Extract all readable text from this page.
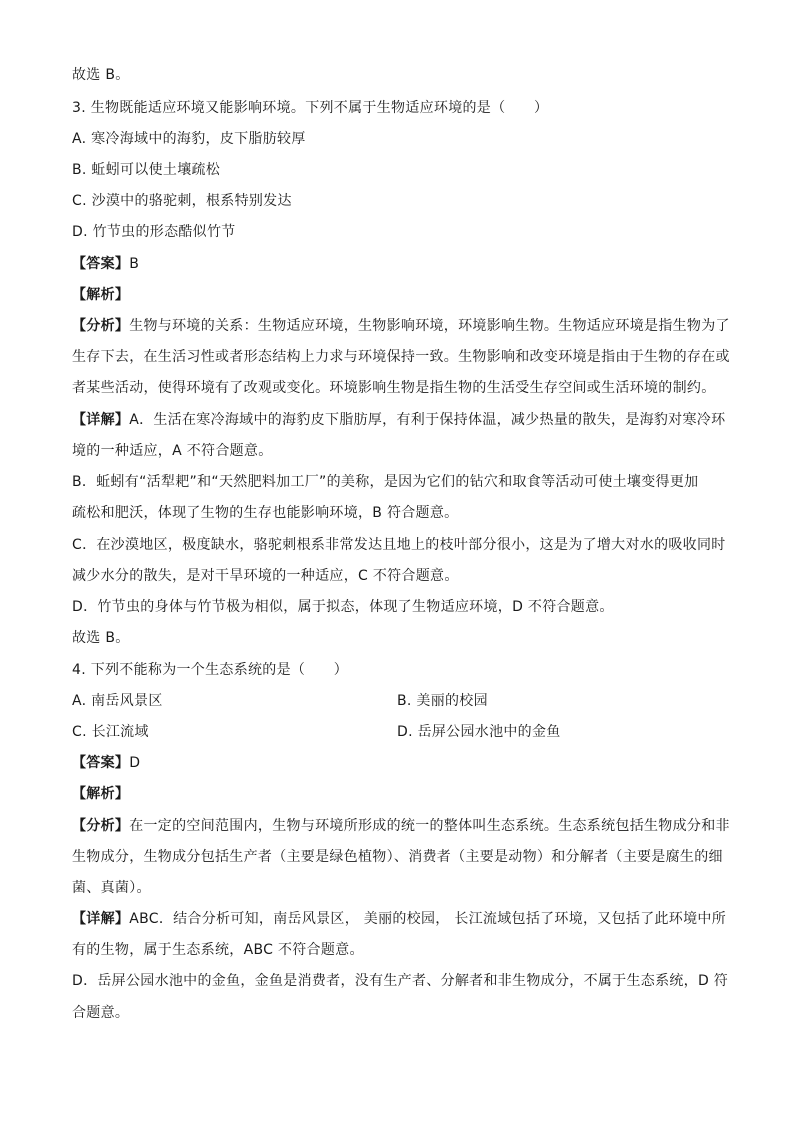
故选 B。
3. 生物既能适应环境又能影响环境。下列不属于生物适应环境的是（　　）
A. 寒冷海域中的海豹，皮下脂肪较厚
B. 蚯蚓可以使土壤疏松
C. 沙漠中的骆驼刺，根系特别发达
D. 竹节虫的形态酷似竹节
【答案】B
【解析】
【分析】生物与环境的关系：生物适应环境，生物影响环境，环境影响生物。生物适应环境是指生物为了
生存下去，在生活习性或者形态结构上力求与环境保持一致。生物影响和改变环境是指由于生物的存在或
者某些活动，使得环境有了改观或变化。环境影响生物是指生物的生活受生存空间或生活环境的制约。
【详解】A．生活在寒冷海域中的海豹皮下脂肪厚，有利于保持体温，减少热量的散失，是海豹对寒冷环
境的一种适应，A 不符合题意。
B．蚯蚓有“活犁耙”和“天然肥料加工厂”的美称，是因为它们的钻穴和取食等活动可使土壤变得更加
疏松和肥沃，体现了生物的生存也能影响环境，B 符合题意。
C．在沙漠地区，极度缺水，骆驼刺根系非常发达且地上的枝叶部分很小，这是为了增大对水的吸收同时
减少水分的散失，是对干旱环境的一种适应，C 不符合题意。
D．竹节虫的身体与竹节极为相似，属于拟态，体现了生物适应环境，D 不符合题意。
故选 B。
4. 下列不能称为一个生态系统的是（　　）
A. 南岳风景区	B. 美丽的校园
C. 长江流域	D. 岳屏公园水池中的金鱼
【答案】D
【解析】
【分析】在一定的空间范围内，生物与环境所形成的统一的整体叫生态系统。生态系统包括生物成分和非
生物成分，生物成分包括生产者（主要是绿色植物）、消费者（主要是动物）和分解者（主要是腐生的细
菌、真菌）。
【详解】ABC．结合分析可知，南岳风景区， 美丽的校园， 长江流域包括了环境，又包括了此环境中所
有的生物，属于生态系统，ABC 不符合题意。
D．岳屏公园水池中的金鱼，金鱼是消费者，没有生产者、分解者和非生物成分，不属于生态系统，D 符
合题意。
